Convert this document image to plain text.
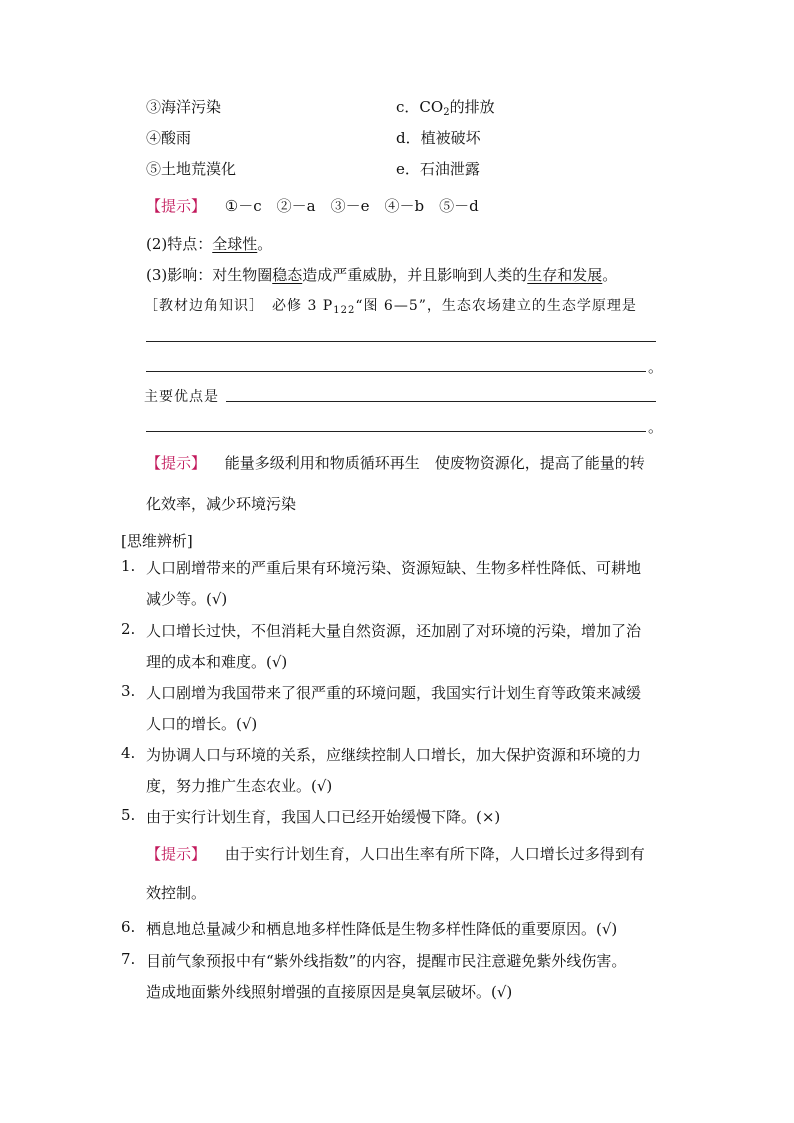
③海洋污染	c．$CO_2$的排放
④酸雨	d．植被破坏
⑤土地荒漠化	e．石油泄露
【提示】 ①－c　②－a　③－e　④－b　⑤－d
(2)特点：全球性。
(3)影响：对生物圈稳态造成严重威胁，并且影响到人类的生存和发展。
［教材边角知识］　必修 3 $P_{122}“$图 6—5”，生态农场建立的生态学原理是
。
主要优点是
。
【提示】 能量多级利用和物质循环再生　使废物资源化，提高了能量的转
化效率，减少环境污染
[思维辨析]
1. 人口剧增带来的严重后果有环境污染、资源短缺、生物多样性降低、可耕地
减少等。(√)
2. 人口增长过快，不但消耗大量自然资源，还加剧了对环境的污染，增加了治
理的成本和难度。(√)
3. 人口剧增为我国带来了很严重的环境问题，我国实行计划生育等政策来减缓
人口的增长。(√)
4. 为协调人口与环境的关系，应继续控制人口增长，加大保护资源和环境的力
度，努力推广生态农业。(√)
5. 由于实行计划生育，我国人口已经开始缓慢下降。(×)
【提示】 由于实行计划生育，人口出生率有所下降，人口增长过多得到有
效控制。
6. 栖息地总量减少和栖息地多样性降低是生物多样性降低的重要原因。(√)
7. 目前气象预报中有“紫外线指数”的内容，提醒市民注意避免紫外线伤害。
造成地面紫外线照射增强的直接原因是臭氧层破坏。(√)
